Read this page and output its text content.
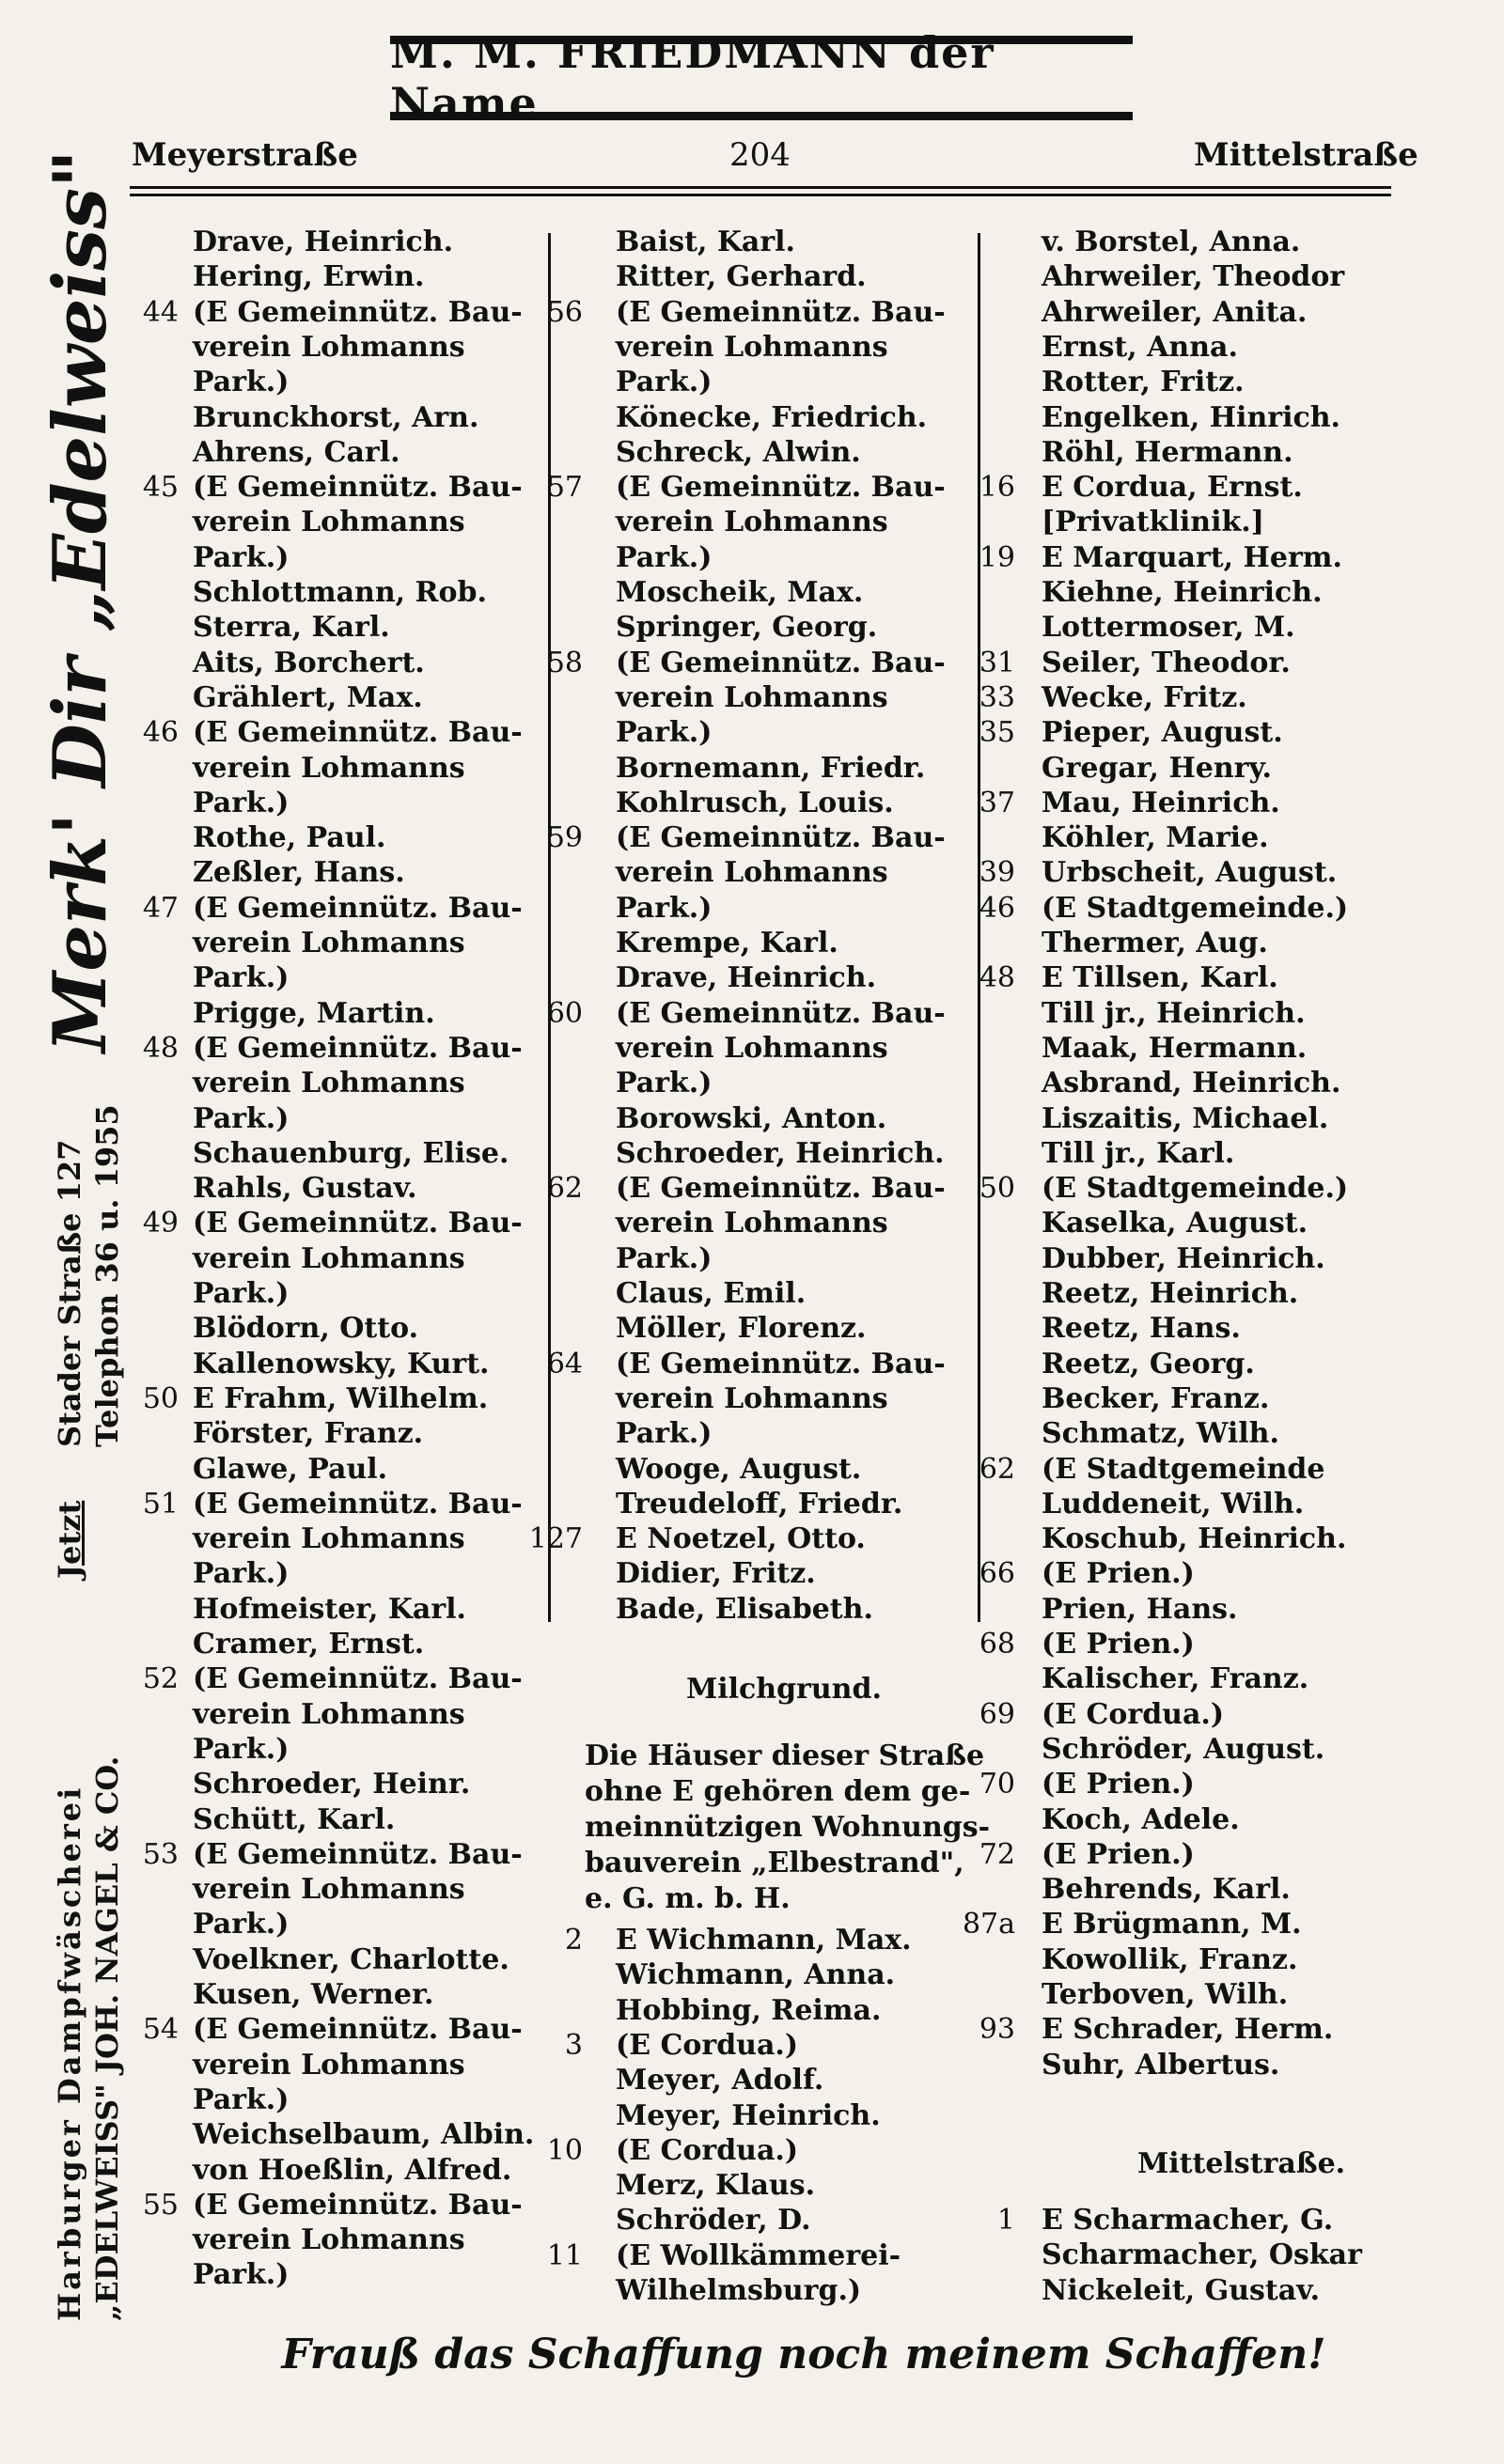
M. M. FRIEDMANN der Name
Meyerstraße	204	Mittelstraße
Merk' Dir „Edelweiss"
Stader Straße 127 Telephon 36 u. 1955
Jetzt
Harburger Dampfwäscherei „EDELWEISS" JOH. NAGEL & CO.
Drave, Heinrich.
Hering, Erwin.
44 (E Gemeinnütz. Bau-
verein Lohmanns
Park.)
Brunckhorst, Arn.
Ahrens, Carl.
45 (E Gemeinnütz. Bau-
verein Lohmanns
Park.)
Schlottmann, Rob.
Sterra, Karl.
Aits, Borchert.
Grählert, Max.
46 (E Gemeinnütz. Bau-
verein Lohmanns
Park.)
Rothe, Paul.
Zeßler, Hans.
47 (E Gemeinnütz. Bau-
verein Lohmanns
Park.)
Prigge, Martin.
48 (E Gemeinnütz. Bau-
verein Lohmanns
Park.)
Schauenburg, Elise.
Rahls, Gustav.
49 (E Gemeinnütz. Bau-
verein Lohmanns
Park.)
Blödorn, Otto.
Kallenowsky, Kurt.
50 E Frahm, Wilhelm.
Förster, Franz.
Glawe, Paul.
51 (E Gemeinnütz. Bau-
verein Lohmanns
Park.)
Hofmeister, Karl.
Cramer, Ernst.
52 (E Gemeinnütz. Bau-
verein Lohmanns
Park.)
Schroeder, Heinr.
Schütt, Karl.
53 (E Gemeinnütz. Bau-
verein Lohmanns
Park.)
Voelkner, Charlotte.
Kusen, Werner.
54 (E Gemeinnütz. Bau-
verein Lohmanns
Park.)
Weichselbaum, Albin.
von Hoeßlin, Alfred.
55 (E Gemeinnütz. Bau-
verein Lohmanns
Park.)
Baist, Karl.
Ritter, Gerhard.
56 (E Gemeinnütz. Bau-
verein Lohmanns
Park.)
Könecke, Friedrich.
Schreck, Alwin.
57 (E Gemeinnütz. Bau-
verein Lohmanns
Park.)
Moscheik, Max.
Springer, Georg.
58 (E Gemeinnütz. Bau-
verein Lohmanns
Park.)
Bornemann, Friedr.
Kohlrusch, Louis.
59 (E Gemeinnütz. Bau-
verein Lohmanns
Park.)
Krempe, Karl.
Drave, Heinrich.
60 (E Gemeinnütz. Bau-
verein Lohmanns
Park.)
Borowski, Anton.
Schroeder, Heinrich.
62 (E Gemeinnütz. Bau-
verein Lohmanns
Park.)
Claus, Emil.
Möller, Florenz.
64 (E Gemeinnütz. Bau-
verein Lohmanns
Park.)
Wooge, August.
Treudeloff, Friedr.
127 E Noetzel, Otto.
Didier, Fritz.
Bade, Elisabeth.
Milchgrund.
Die Häuser dieser Straße
ohne E gehören dem ge-
meinnützigen Wohnungs-
bauverein „Elbestrand",
e. G. m. b. H.
2 E Wichmann, Max.
Wichmann, Anna.
Hobbing, Reima.
3 (E Cordua.)
Meyer, Adolf.
Meyer, Heinrich.
10 (E Cordua.)
Merz, Klaus.
Schröder, D.
11 (E Wollkämmerei-
Wilhelmsburg.)
v. Borstel, Anna.
Ahrweiler, Theodor
Ahrweiler, Anita.
Ernst, Anna.
Rotter, Fritz.
Engelken, Hinrich.
Röhl, Hermann.
16 E Cordua, Ernst.
[Privatklinik.]
19 E Marquart, Herm.
Kiehne, Heinrich.
Lottermoser, M.
31 Seiler, Theodor.
33 Wecke, Fritz.
35 Pieper, August.
Gregar, Henry.
37 Mau, Heinrich.
Köhler, Marie.
39 Urbscheit, August.
46 (E Stadtgemeinde.)
Thermer, Aug.
48 E Tillsen, Karl.
Till jr., Heinrich.
Maak, Hermann.
Asbrand, Heinrich.
Liszaitis, Michael.
Till jr., Karl.
50 (E Stadtgemeinde.)
Kaselka, August.
Dubber, Heinrich.
Reetz, Heinrich.
Reetz, Hans.
Reetz, Georg.
Becker, Franz.
Schmatz, Wilh.
62 (E Stadtgemeinde
Luddeneit, Wilh.
Koschub, Heinrich.
66 (E Prien.)
Prien, Hans.
68 (E Prien.)
Kalischer, Franz.
69 (E Cordua.)
Schröder, August.
70 (E Prien.)
Koch, Adele.
72 (E Prien.)
Behrends, Karl.
87a E Brügmann, M.
Kowollik, Franz.
Terboven, Wilh.
93 E Schrader, Herm.
Suhr, Albertus.
Mittelstraße.
1 E Scharmacher, G.
Scharmacher, Oskar
Nickeleit, Gustav.
Frauß das Schaffung noch meinem Schaffen!
